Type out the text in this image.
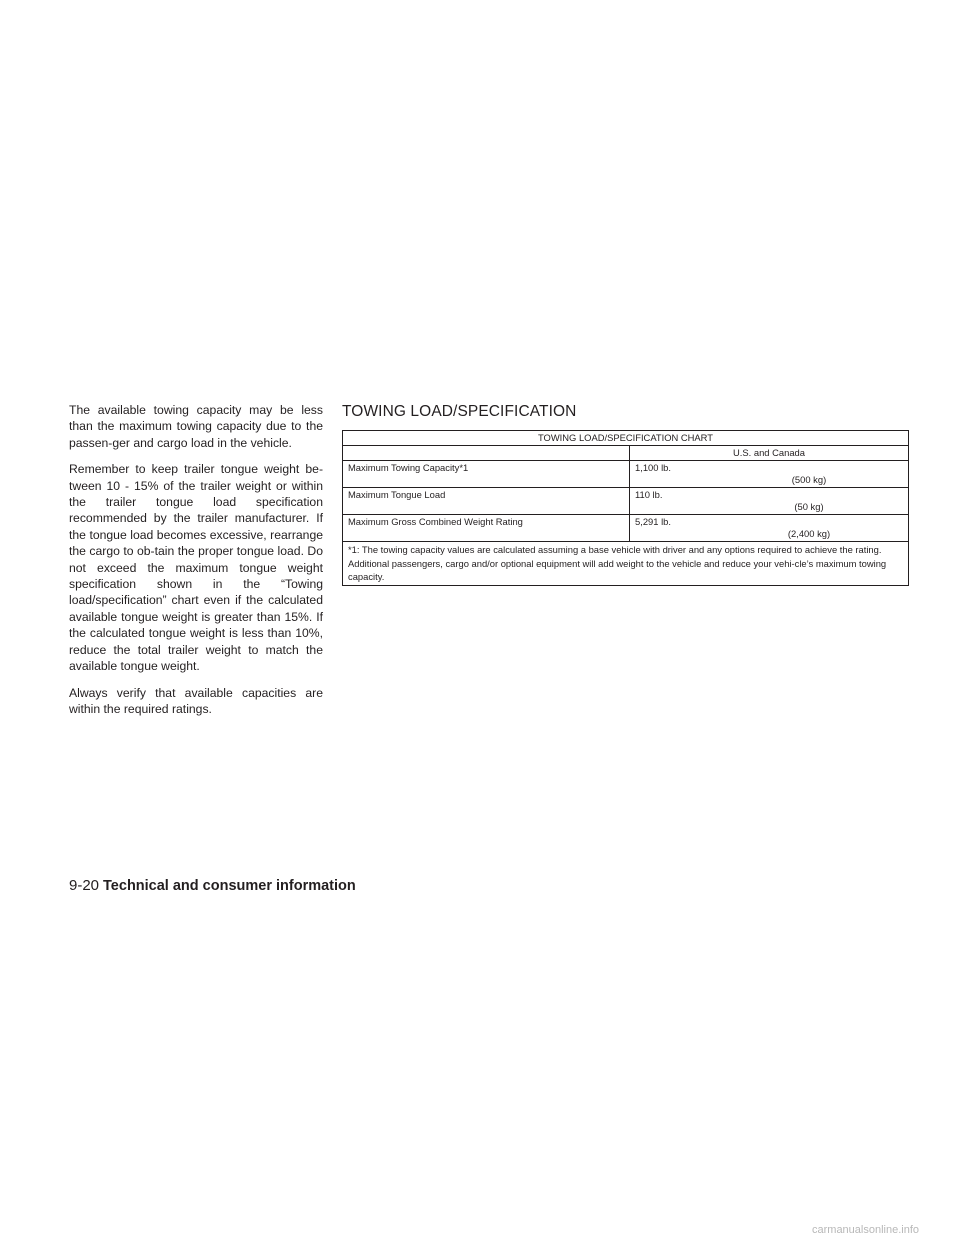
The available towing capacity may be less than the maximum towing capacity due to the passen-ger and cargo load in the vehicle.

Remember to keep trailer tongue weight be-tween 10 - 15% of the trailer weight or within the trailer tongue load specification recommended by the trailer manufacturer. If the tongue load becomes excessive, rearrange the cargo to ob-tain the proper tongue load. Do not exceed the maximum tongue weight specification shown in the “Towing load/specification” chart even if the calculated available tongue weight is greater than 15%. If the calculated tongue weight is less than 10%, reduce the total trailer weight to match the available tongue weight.

Always verify that available capacities are within the required ratings.

TOWING LOAD/SPECIFICATION
TOWING LOAD/SPECIFICATION CHART	
	U.S. and Canada
Maximum Towing Capacity*1	1,100 lb.
(500 kg)

Maximum Tongue Load	110 lb.
(50 kg)

Maximum Gross Combined Weight Rating	5,291 lb.
(2,400 kg)

*1: The towing capacity values are calculated assuming a base vehicle with driver and any options required to achieve the rating. Additional passengers, cargo and/or optional equipment will add weight to the vehicle and reduce your vehi-cle’s maximum towing capacity.	
9-20 Technical and consumer information
carmanualsonline.info
